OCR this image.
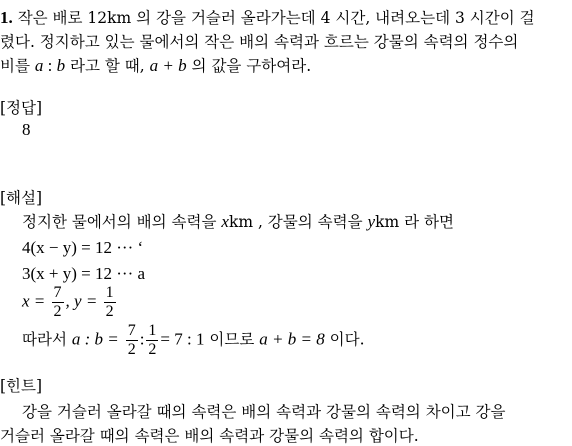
1. 작은 배로 12km 의 강을 거슬러 올라가는데 4 시간, 내려오는데 3 시간이 걸
렸다. 정지하고 있는 물에서의 작은 배의 속력과 흐르는 강물의 속력의 정수의
비를 a : b 라고 할 때, a + b 의 값을 구하여라.
[정답]
8
[해설]
정지한 물에서의 배의 속력을 xkm , 강물의 속력을 ykm 라 하면
4(x − y) = 12 ··· ‘
3(x + y) = 12 ··· a
$x = \frac{7}{2}$ , $y = \frac{1}{2}$
따라서 a : $b = \frac{7}{2}$ : $\frac{1}{2} = 7$ : 1 이므로 a + b = 8 이다.
[힌트]
강을 거슬러 올라갈 때의 속력은 배의 속력과 강물의 속력의 차이고 강을
거슬러 올라갈 때의 속력은 배의 속력과 강물의 속력의 합이다.
